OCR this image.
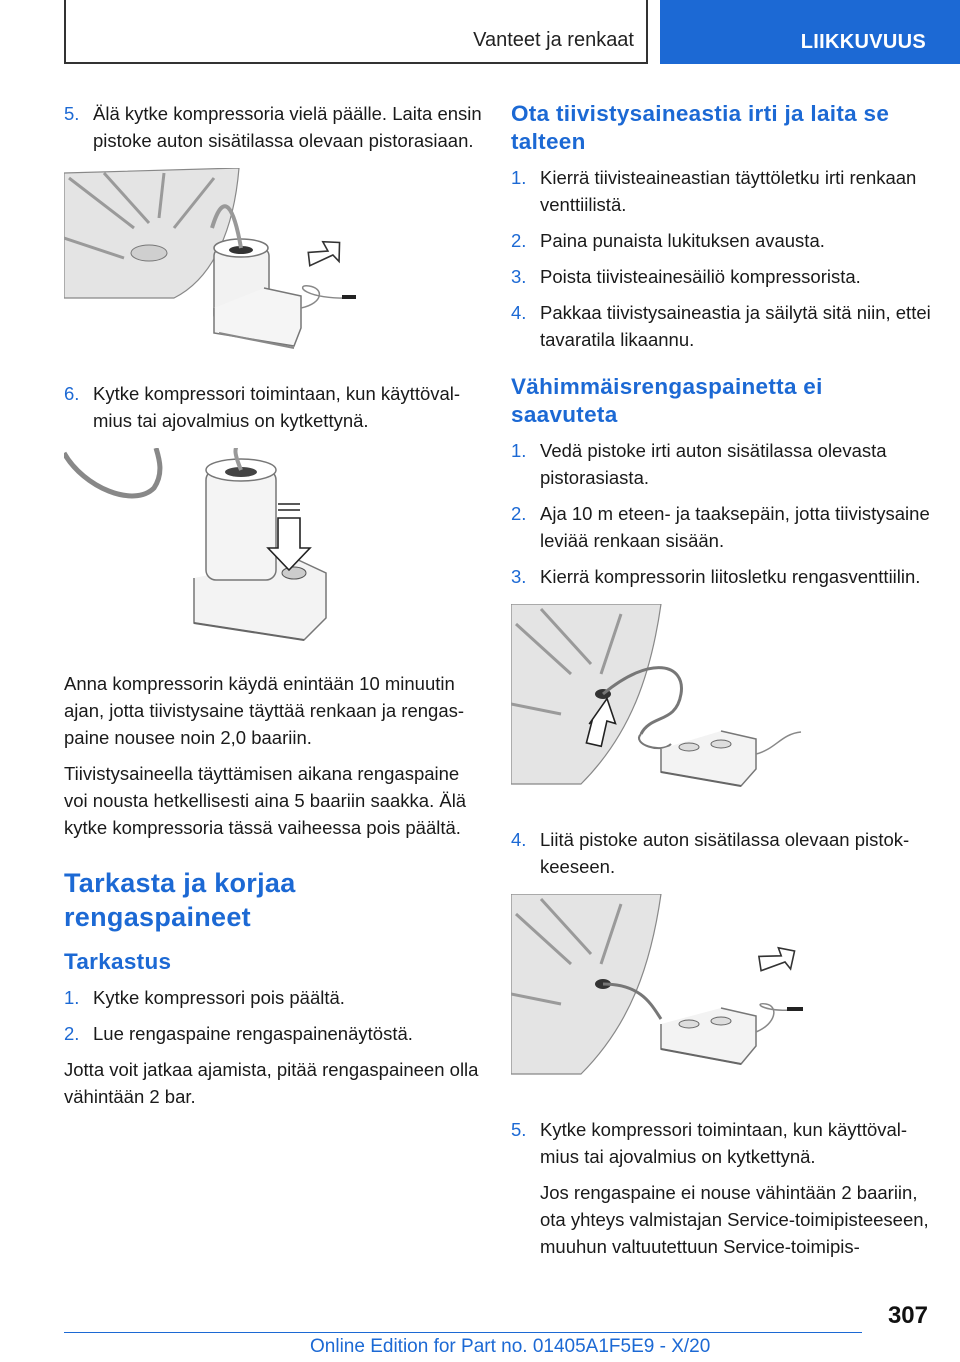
Vanteet ja renkaat	LIIKKUVUUS
5. Älä kytke kompressoria vielä päälle. Laita ensin pistoke auton sisätilassa olevaan pistorasiaan.
6. Kytke kompressori toimintaan, kun käyttövalmius tai ajovalmius on kytkettynä.
Anna kompressorin käydä enintään 10 minuutin ajan, jotta tiivistysaine täyttää renkaan ja rengaspaine nousee noin 2,0 baariin.
Tiivistysaineella täyttämisen aikana rengaspaine voi nousta hetkellisesti aina 5 baariin saakka. Älä kytke kompressoria tässä vaiheessa pois päältä.
Tarkasta ja korjaa rengaspaineet
Tarkastus
1. Kytke kompressori pois päältä.
2. Lue rengaspaine rengaspainenäytöstä.
Jotta voit jatkaa ajamista, pitää rengaspaineen olla vähintään 2 bar.
Ota tiivistysaineastia irti ja laita se talteen
1. Kierrä tiivisteaineastian täyttöletku irti renkaan venttiilistä.
2. Paina punaista lukituksen avausta.
3. Poista tiivisteainesäiliö kompressorista.
4. Pakkaa tiivistysaineastia ja säilytä sitä niin, ettei tavaratila likaannu.
Vähimmäisrengaspainetta ei saavuteta
1. Vedä pistoke irti auton sisätilassa olevasta pistorasiasta.
2. Aja 10 m eteen- ja taaksepäin, jotta tiivistysaine leviää renkaan sisään.
3. Kierrä kompressorin liitosletku rengasventtiilin.
4. Liitä pistoke auton sisätilassa olevaan pistokkeeseen.
5. Kytke kompressori toimintaan, kun käyttövalmius tai ajovalmius on kytkettynä.
Jos rengaspaine ei nouse vähintään 2 baariin, ota yhteys valmistajan Service-toimipisteeseen, muuhun valtuutettuun Service-toimipis-
307
Online Edition for Part no. 01405A1F5E9 - X/20
